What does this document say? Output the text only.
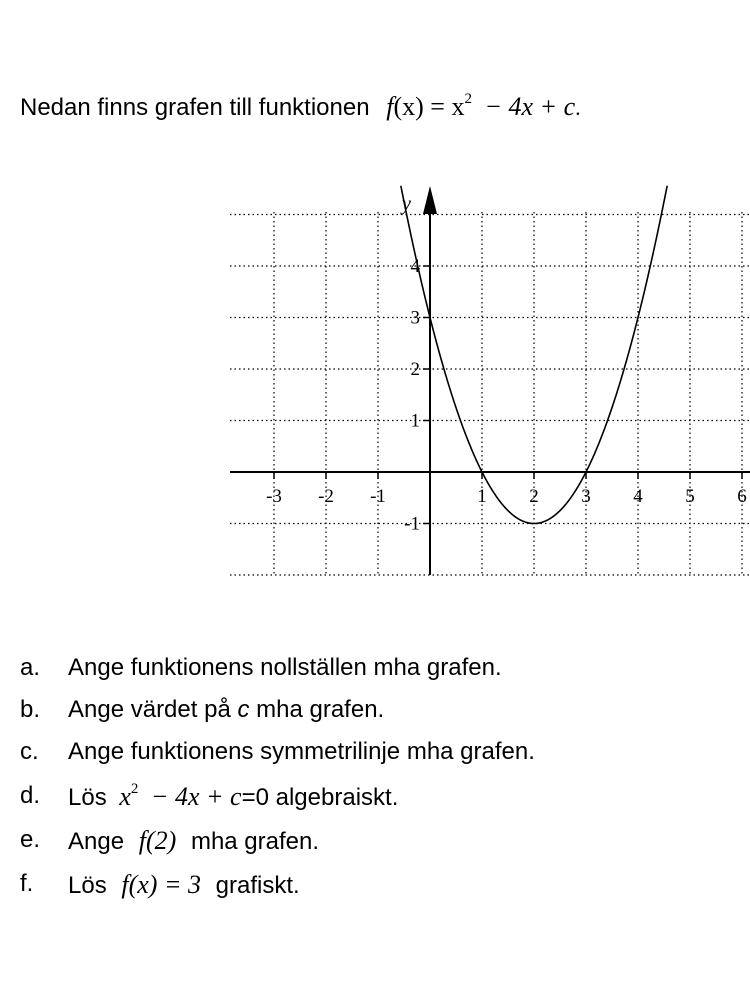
Nedan finns grafen till funktionen $f(x) = x^2 - 4x + c$.
-3 -2 -1	1 2 3 4 5 6
4
3
2
1
-1
y
a. Ange funktionens nollställen mha grafen.
b. Ange värdet på c mha grafen.
c. Ange funktionens symmetrilinje mha grafen.
d. Lös $x^2 - 4x + c=0$ algebraiskt.
e. Ange f(2) mha grafen.
f. Lös f(x) = 3 grafiskt.
